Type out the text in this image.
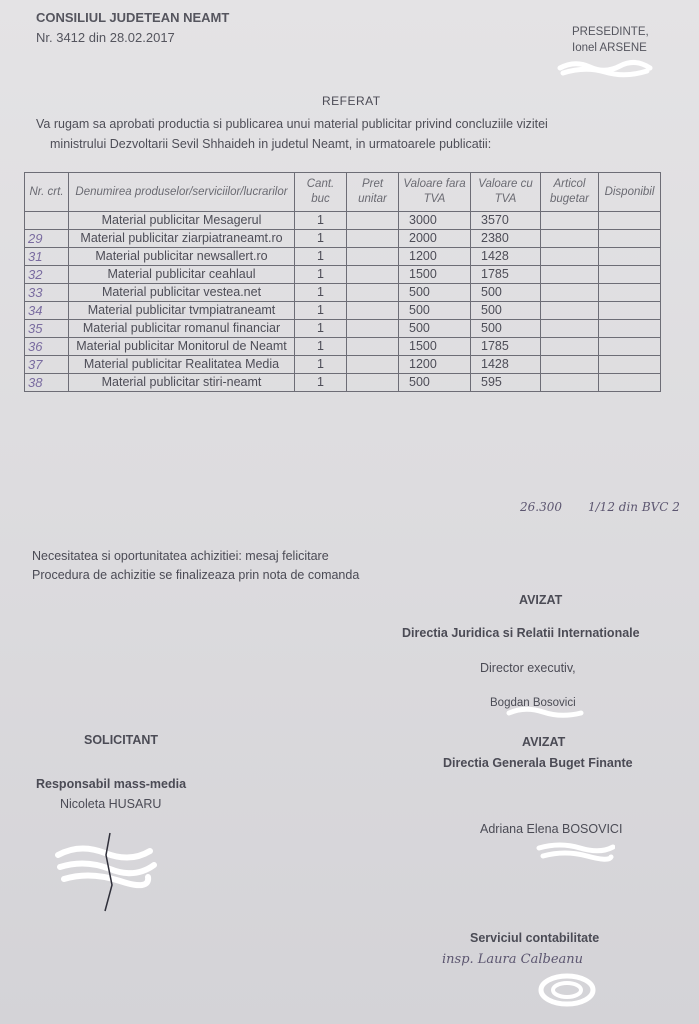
CONSILIUL JUDETEAN NEAMT
Nr. 3412 din 28.02.2017	PRESEDINTE,
Ionel ARSENE
REFERAT
Va rugam sa aprobati productia si publicarea unui material publicitar privind concluziile vizitei
ministrului Dezvoltarii Sevil Shhaideh in judetul Neamt, in urmatoarele publicatii:
Nr. crt.	Denumirea produselor/serviciilor/lucrarilor	Cant. buc	Pret unitar	Valoare fara TVA	Valoare cu TVA	Articol bugetar	Disponibil
	Material publicitar Mesagerul	1		3000	3570		
29	Material publicitar ziarpiatraneamt.ro	1		2000	2380		
31	Material publicitar newsallert.ro	1		1200	1428		
32	Material publicitar ceahlaul	1		1500	1785		
33	Material publicitar vestea.net	1		500	500		
34	Material publicitar tvmpiatraneamt	1		500	500		
35	Material publicitar romanul financiar	1		500	500		
36	Material publicitar Monitorul de Neamt	1		1500	1785		
37	Material publicitar Realitatea Media	1		1200	1428		
38	Material publicitar stiri-neamt	1		500	595		
26.300 1/12 din BVC 2
Necesitatea si oportunitatea achizitiei: mesaj felicitare
Procedura de achizitie se finalizeaza prin nota de comanda
AVIZAT
Directia Juridica si Relatii Internationale
Director executiv,
Bogdan Bosovici
AVIZAT
Directia Generala Buget Finante
Adriana Elena BOSOVICI
Serviciul contabilitate
insp. Laura Calbeanu
SOLICITANT
Responsabil mass-media
Nicoleta HUSARU
